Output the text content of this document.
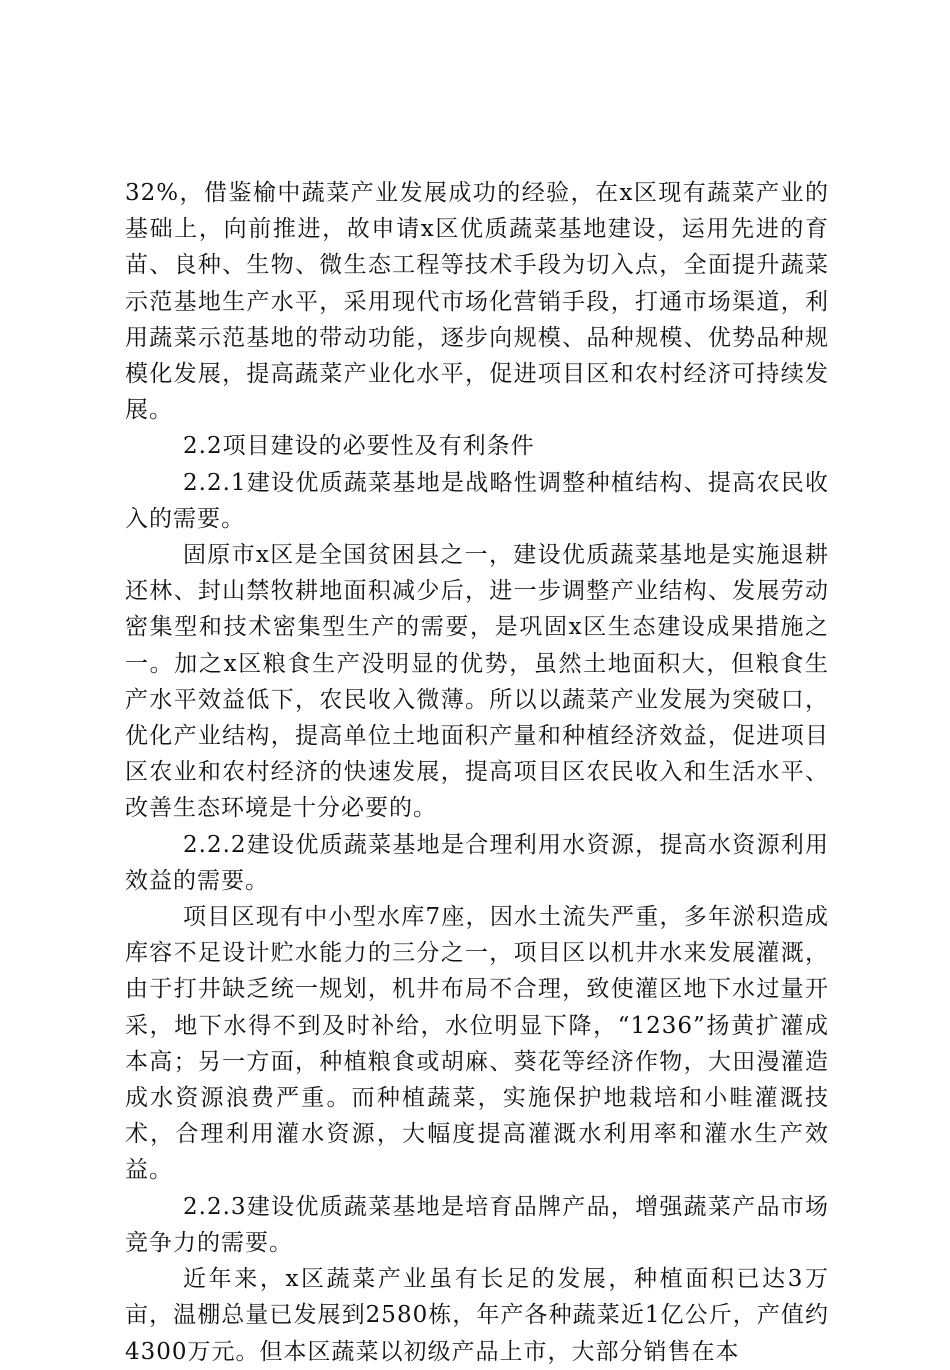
32%，借鉴榆中蔬菜产业发展成功的经验，在x区现有蔬菜产业的基础上，向前推进，故申请x区优质蔬菜基地建设，运用先进的育苗、良种、生物、微生态工程等技术手段为切入点，全面提升蔬菜示范基地生产水平，采用现代市场化营销手段，打通市场渠道，利用蔬菜示范基地的带动功能，逐步向规模、品种规模、优势品种规模化发展，提高蔬菜产业化水平，促进项目区和农村经济可持续发展。

2.2项目建设的必要性及有利条件

2.2.1建设优质蔬菜基地是战略性调整种植结构、提高农民收入的需要。

固原市x区是全国贫困县之一，建设优质蔬菜基地是实施退耕还林、封山禁牧耕地面积减少后，进一步调整产业结构、发展劳动密集型和技术密集型生产的需要，是巩固x区生态建设成果措施之一。加之x区粮食生产没明显的优势，虽然土地面积大，但粮食生产水平效益低下，农民收入微薄。所以以蔬菜产业发展为突破口，优化产业结构，提高单位土地面积产量和种植经济效益，促进项目区农业和农村经济的快速发展，提高项目区农民收入和生活水平、改善生态环境是十分必要的。

2.2.2建设优质蔬菜基地是合理利用水资源，提高水资源利用效益的需要。

项目区现有中小型水库7座，因水土流失严重，多年淤积造成库容不足设计贮水能力的三分之一，项目区以机井水来发展灌溉，由于打井缺乏统一规划，机井布局不合理，致使灌区地下水过量开采，地下水得不到及时补给，水位明显下降，“1236”扬黄扩灌成本高；另一方面，种植粮食或胡麻、葵花等经济作物，大田漫灌造成水资源浪费严重。而种植蔬菜，实施保护地栽培和小畦灌溉技术，合理利用灌水资源，大幅度提高灌溉水利用率和灌水生产效益。

2.2.3建设优质蔬菜基地是培育品牌产品，增强蔬菜产品市场竞争力的需要。

近年来，x区蔬菜产业虽有长足的发展，种植面积已达3万亩，温棚总量已发展到2580栋，年产各种蔬菜近1亿公斤，产值约4300万元。但本区蔬菜以初级产品上市，大部分销售在本
